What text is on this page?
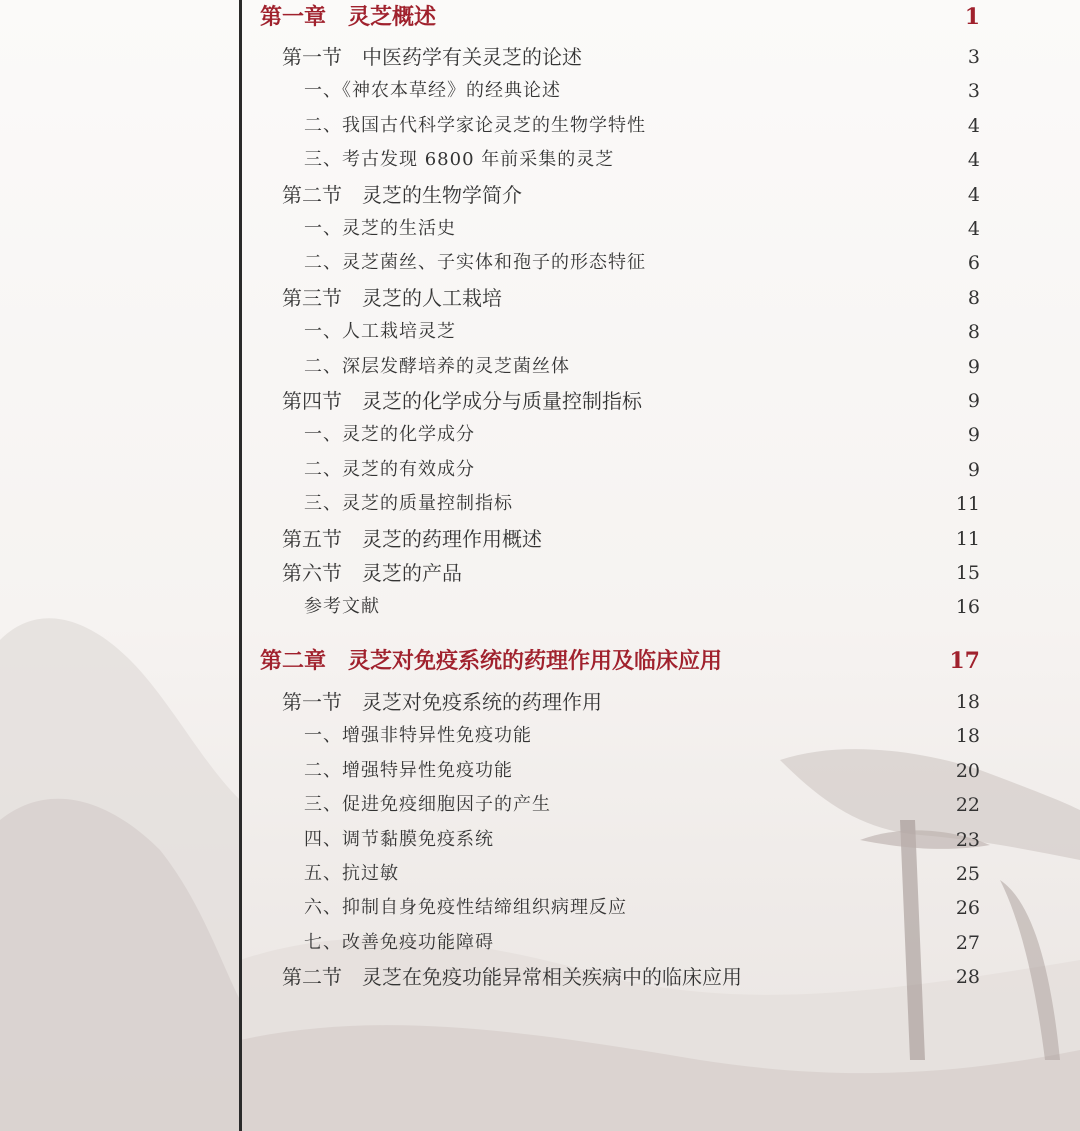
第一章　灵芝概述	1
第一节　中医药学有关灵芝的论述	3
一、《神农本草经》的经典论述	3
二、我国古代科学家论灵芝的生物学特性	4
三、考古发现 6800 年前采集的灵芝	4
第二节　灵芝的生物学简介	4
一、灵芝的生活史	4
二、灵芝菌丝、子实体和孢子的形态特征	6
第三节　灵芝的人工栽培	8
一、人工栽培灵芝	8
二、深层发酵培养的灵芝菌丝体	9
第四节　灵芝的化学成分与质量控制指标	9
一、灵芝的化学成分	9
二、灵芝的有效成分	9
三、灵芝的质量控制指标	11
第五节　灵芝的药理作用概述	11
第六节　灵芝的产品	15
参考文献	16
第二章　灵芝对免疫系统的药理作用及临床应用	17
第一节　灵芝对免疫系统的药理作用	18
一、增强非特异性免疫功能	18
二、增强特异性免疫功能	20
三、促进免疫细胞因子的产生	22
四、调节黏膜免疫系统	23
五、抗过敏	25
六、抑制自身免疫性结缔组织病理反应	26
七、改善免疫功能障碍	27
第二节　灵芝在免疫功能异常相关疾病中的临床应用	28
